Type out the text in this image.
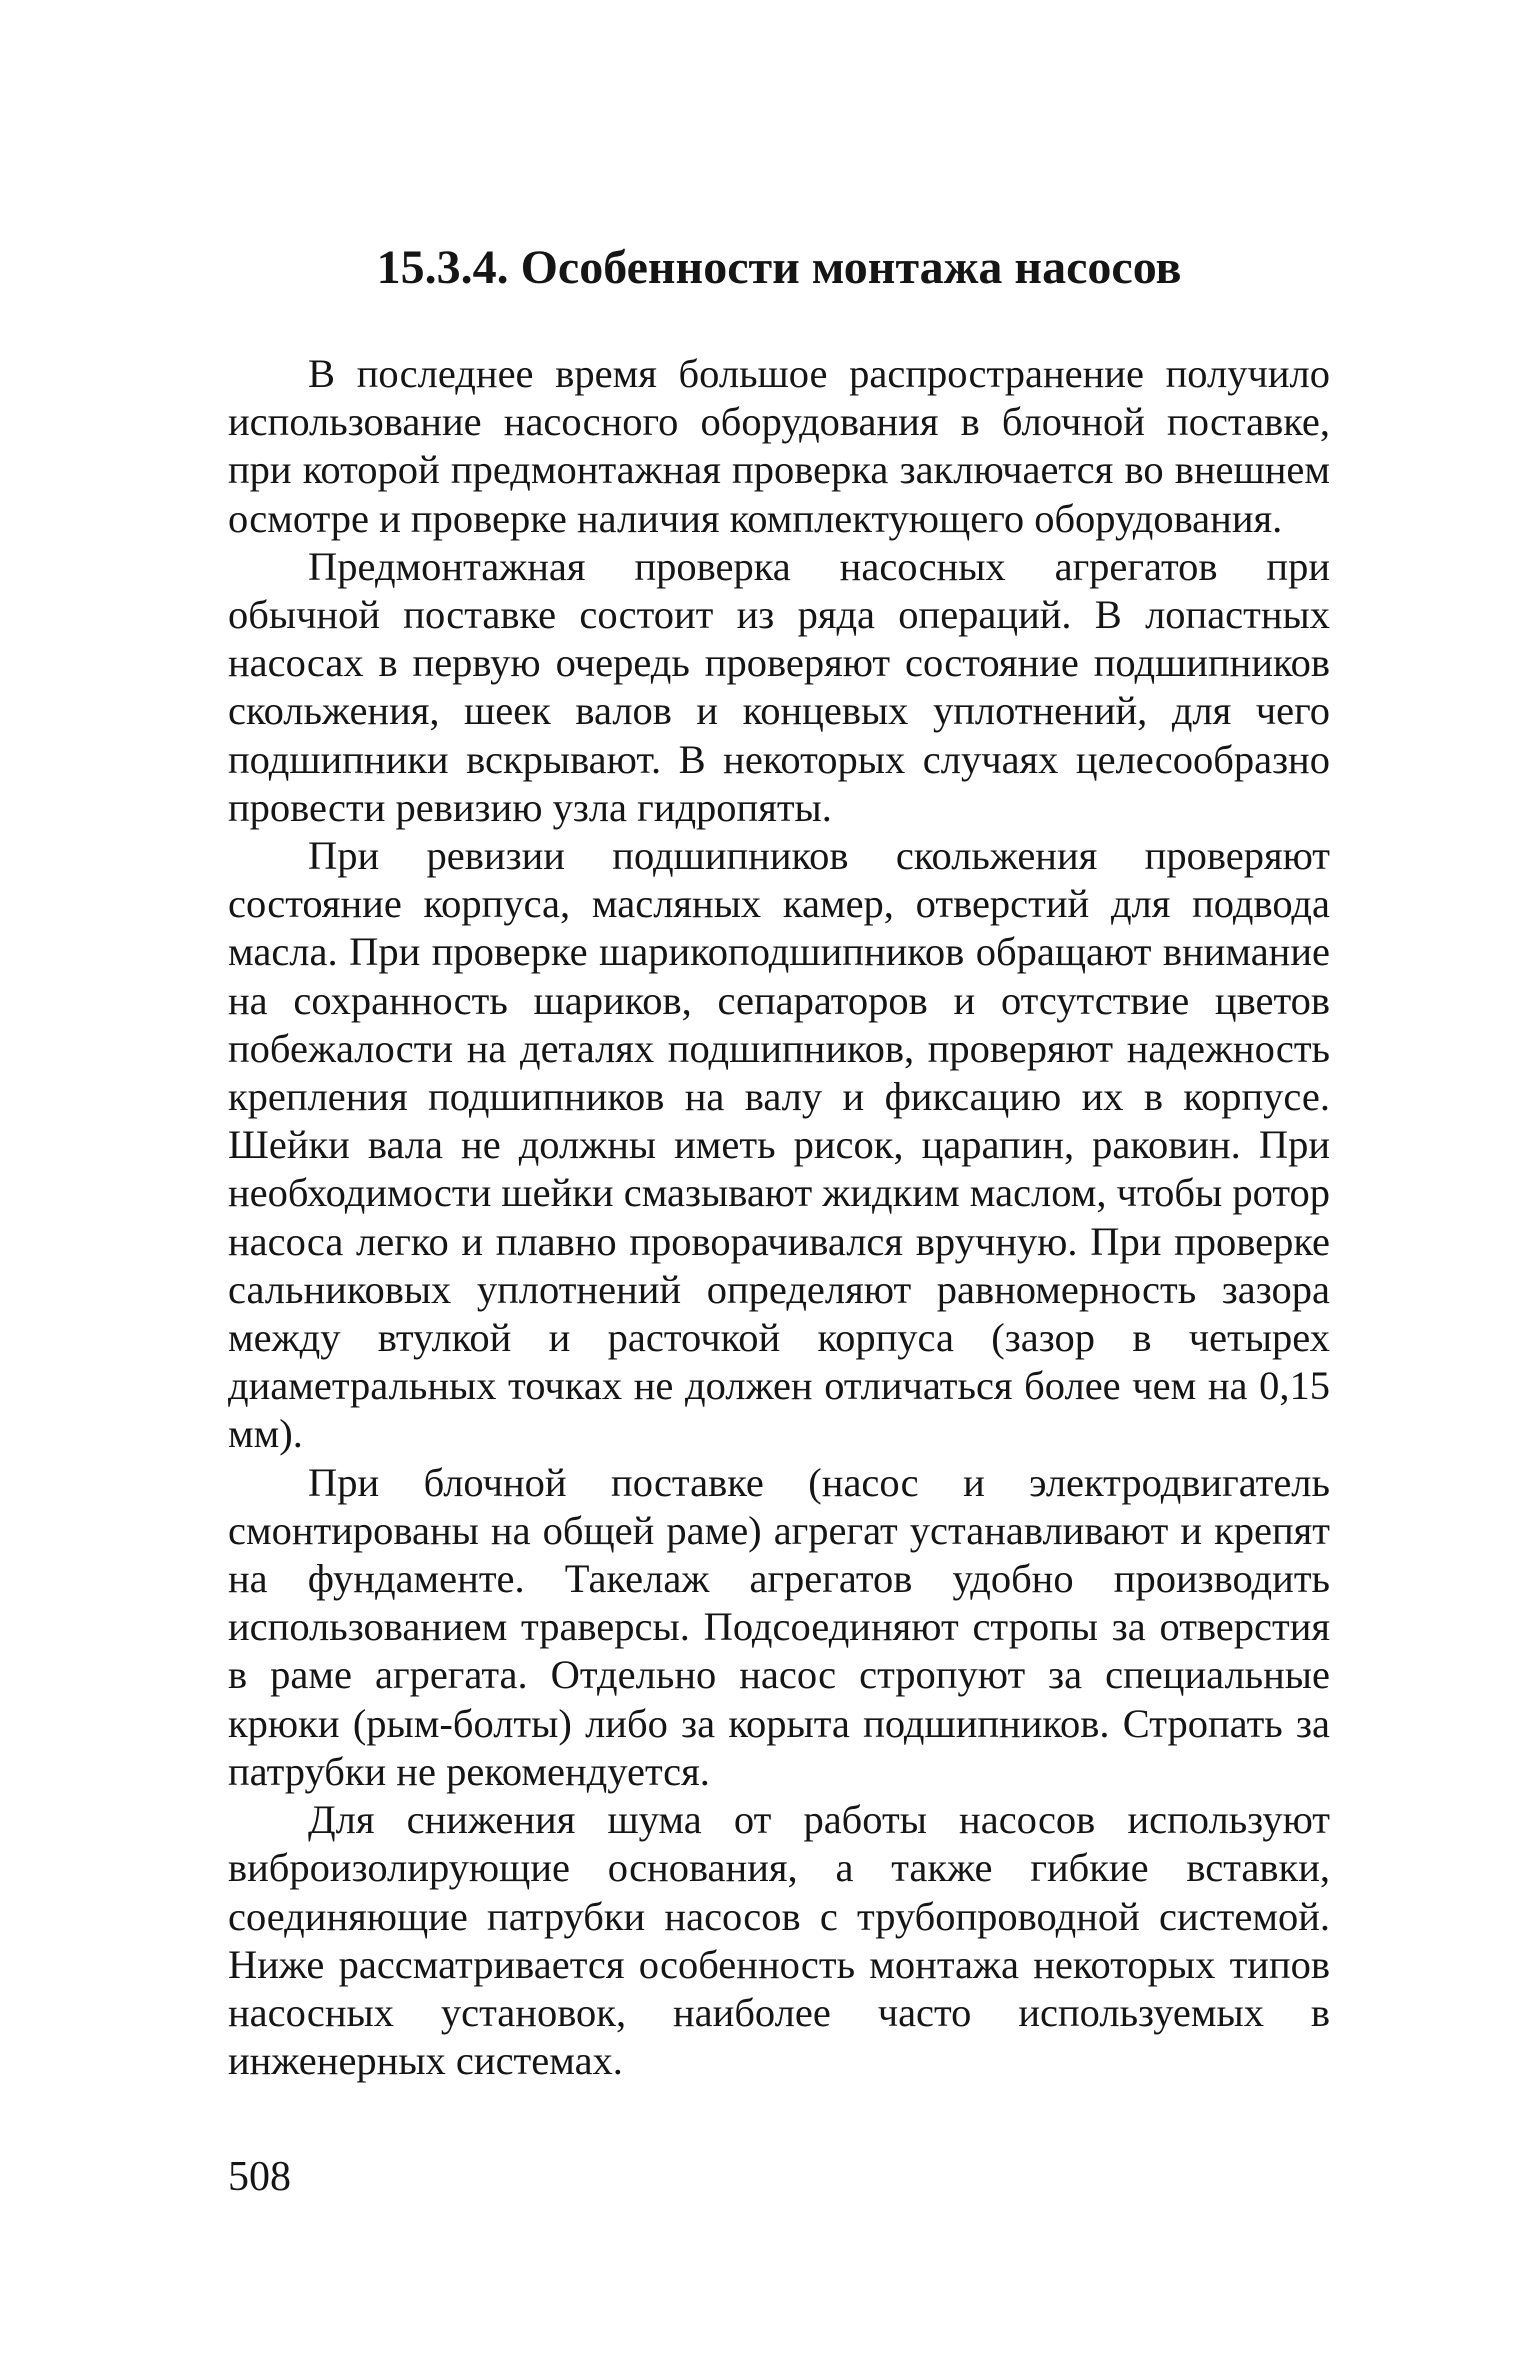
15.3.4. Особенности монтажа насосов

В последнее время большое распространение получило использование насосного оборудования в блочной поставке, при которой предмонтажная проверка заключается во внешнем осмотре и проверке наличия комплектующего оборудования.

Предмонтажная проверка насосных агрегатов при обычной поставке состоит из ряда операций. В лопастных насосах в первую очередь проверяют состояние подшипников скольжения, шеек валов и концевых уплотнений, для чего подшипники вскрывают. В некоторых случаях целесообразно провести ревизию узла гидропяты.

При ревизии подшипников скольжения проверяют состояние корпуса, масляных камер, отверстий для подвода масла. При проверке шарикоподшипников обращают внимание на сохранность шариков, сепараторов и отсутствие цветов побежалости на деталях подшипников, проверяют надежность крепления подшипников на валу и фиксацию их в корпусе. Шейки вала не должны иметь рисок, царапин, раковин. При необходимости шейки смазывают жидким маслом, чтобы ротор насоса легко и плавно проворачивался вручную. При проверке сальниковых уплотнений определяют равномерность зазора между втулкой и расточкой корпуса (зазор в четырех диаметральных точках не должен отличаться более чем на 0,15 мм).

При блочной поставке (насос и электродвигатель смонтированы на общей раме) агрегат устанавливают и крепят на фундаменте. Такелаж агрегатов удобно производить использованием траверсы. Подсоединяют стропы за отверстия в раме агрегата. Отдельно насос стропуют за специальные крюки (рым-болты) либо за корыта подшипников. Стропать за патрубки не рекомендуется.

Для снижения шума от работы насосов используют виброизолирующие основания, а также гибкие вставки, соединяющие патрубки насосов с трубопроводной системой. Ниже рассматривается особенность монтажа некоторых типов насосных установок, наиболее часто используемых в инженерных системах.

508
